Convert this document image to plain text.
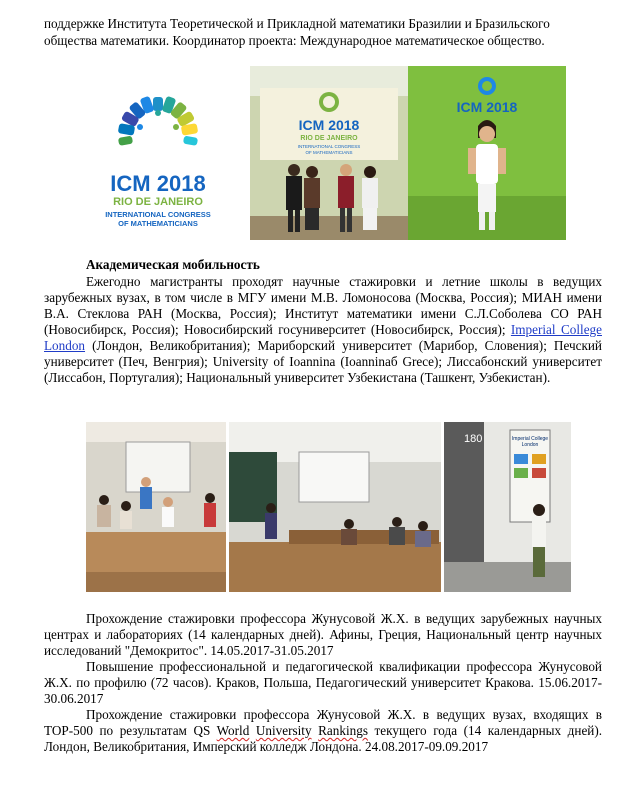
поддержке Института Теоретической и Прикладной математики Бразилии и Бразильского

общества математики. Координатор проекта: Международное математическое общество.

ICM 2018
RIO DE JANEIRO
INTERNATIONAL CONGRESS
OF MATHEMATICIANS
ICM 2018
RIO DE JANEIRO
INTERNATIONAL CONGRESS
OF MATHEMATICIANS
ICM 2018
Академическая мобильность

Ежегодно магистранты проходят научные стажировки и летние школы в ведущих зарубежных вузах, в том числе в МГУ имени М.В. Ломоносова (Москва, Россия); МИАН имени В.А. Стеклова РАН (Москва, Россия); Институт математики имени С.Л.Соболева СО РАН (Новосибирск, Россия); Новосибирский госуниверситет (Новосибирск, Россия); Imperial College London (Лондон, Великобритания); Мариборский университет (Марибор, Словения); Печский университет (Печ, Венгрия); University of Ioannina (Ioanninaб Grece); Лиссабонский университет (Лиссабон, Португалия); Национальный университет Узбекистана (Ташкент, Узбекистан).

180	Imperial College
London

Прохождение стажировки профессора Жунусовой Ж.Х. в ведущих зарубежных научных центрах и лабораториях (14 календарных дней). Афины, Греция, Национальный центр научных исследований "Демокритос". 14.05.2017-31.05.2017

Повышение профессиональной и педагогической квалификации профессора Жунусовой Ж.Х. по профилю (72 часов). Краков, Польша, Педагогический университет Кракова. 15.06.2017-30.06.2017

Прохождение стажировки профессора Жунусовой Ж.Х. в ведущих вузах, входящих в ТОР-500 по результатам QS World University Rankings текущего года (14 календарных дней). Лондон, Великобритания, Имперский колледж Лондона. 24.08.2017-09.09.2017
